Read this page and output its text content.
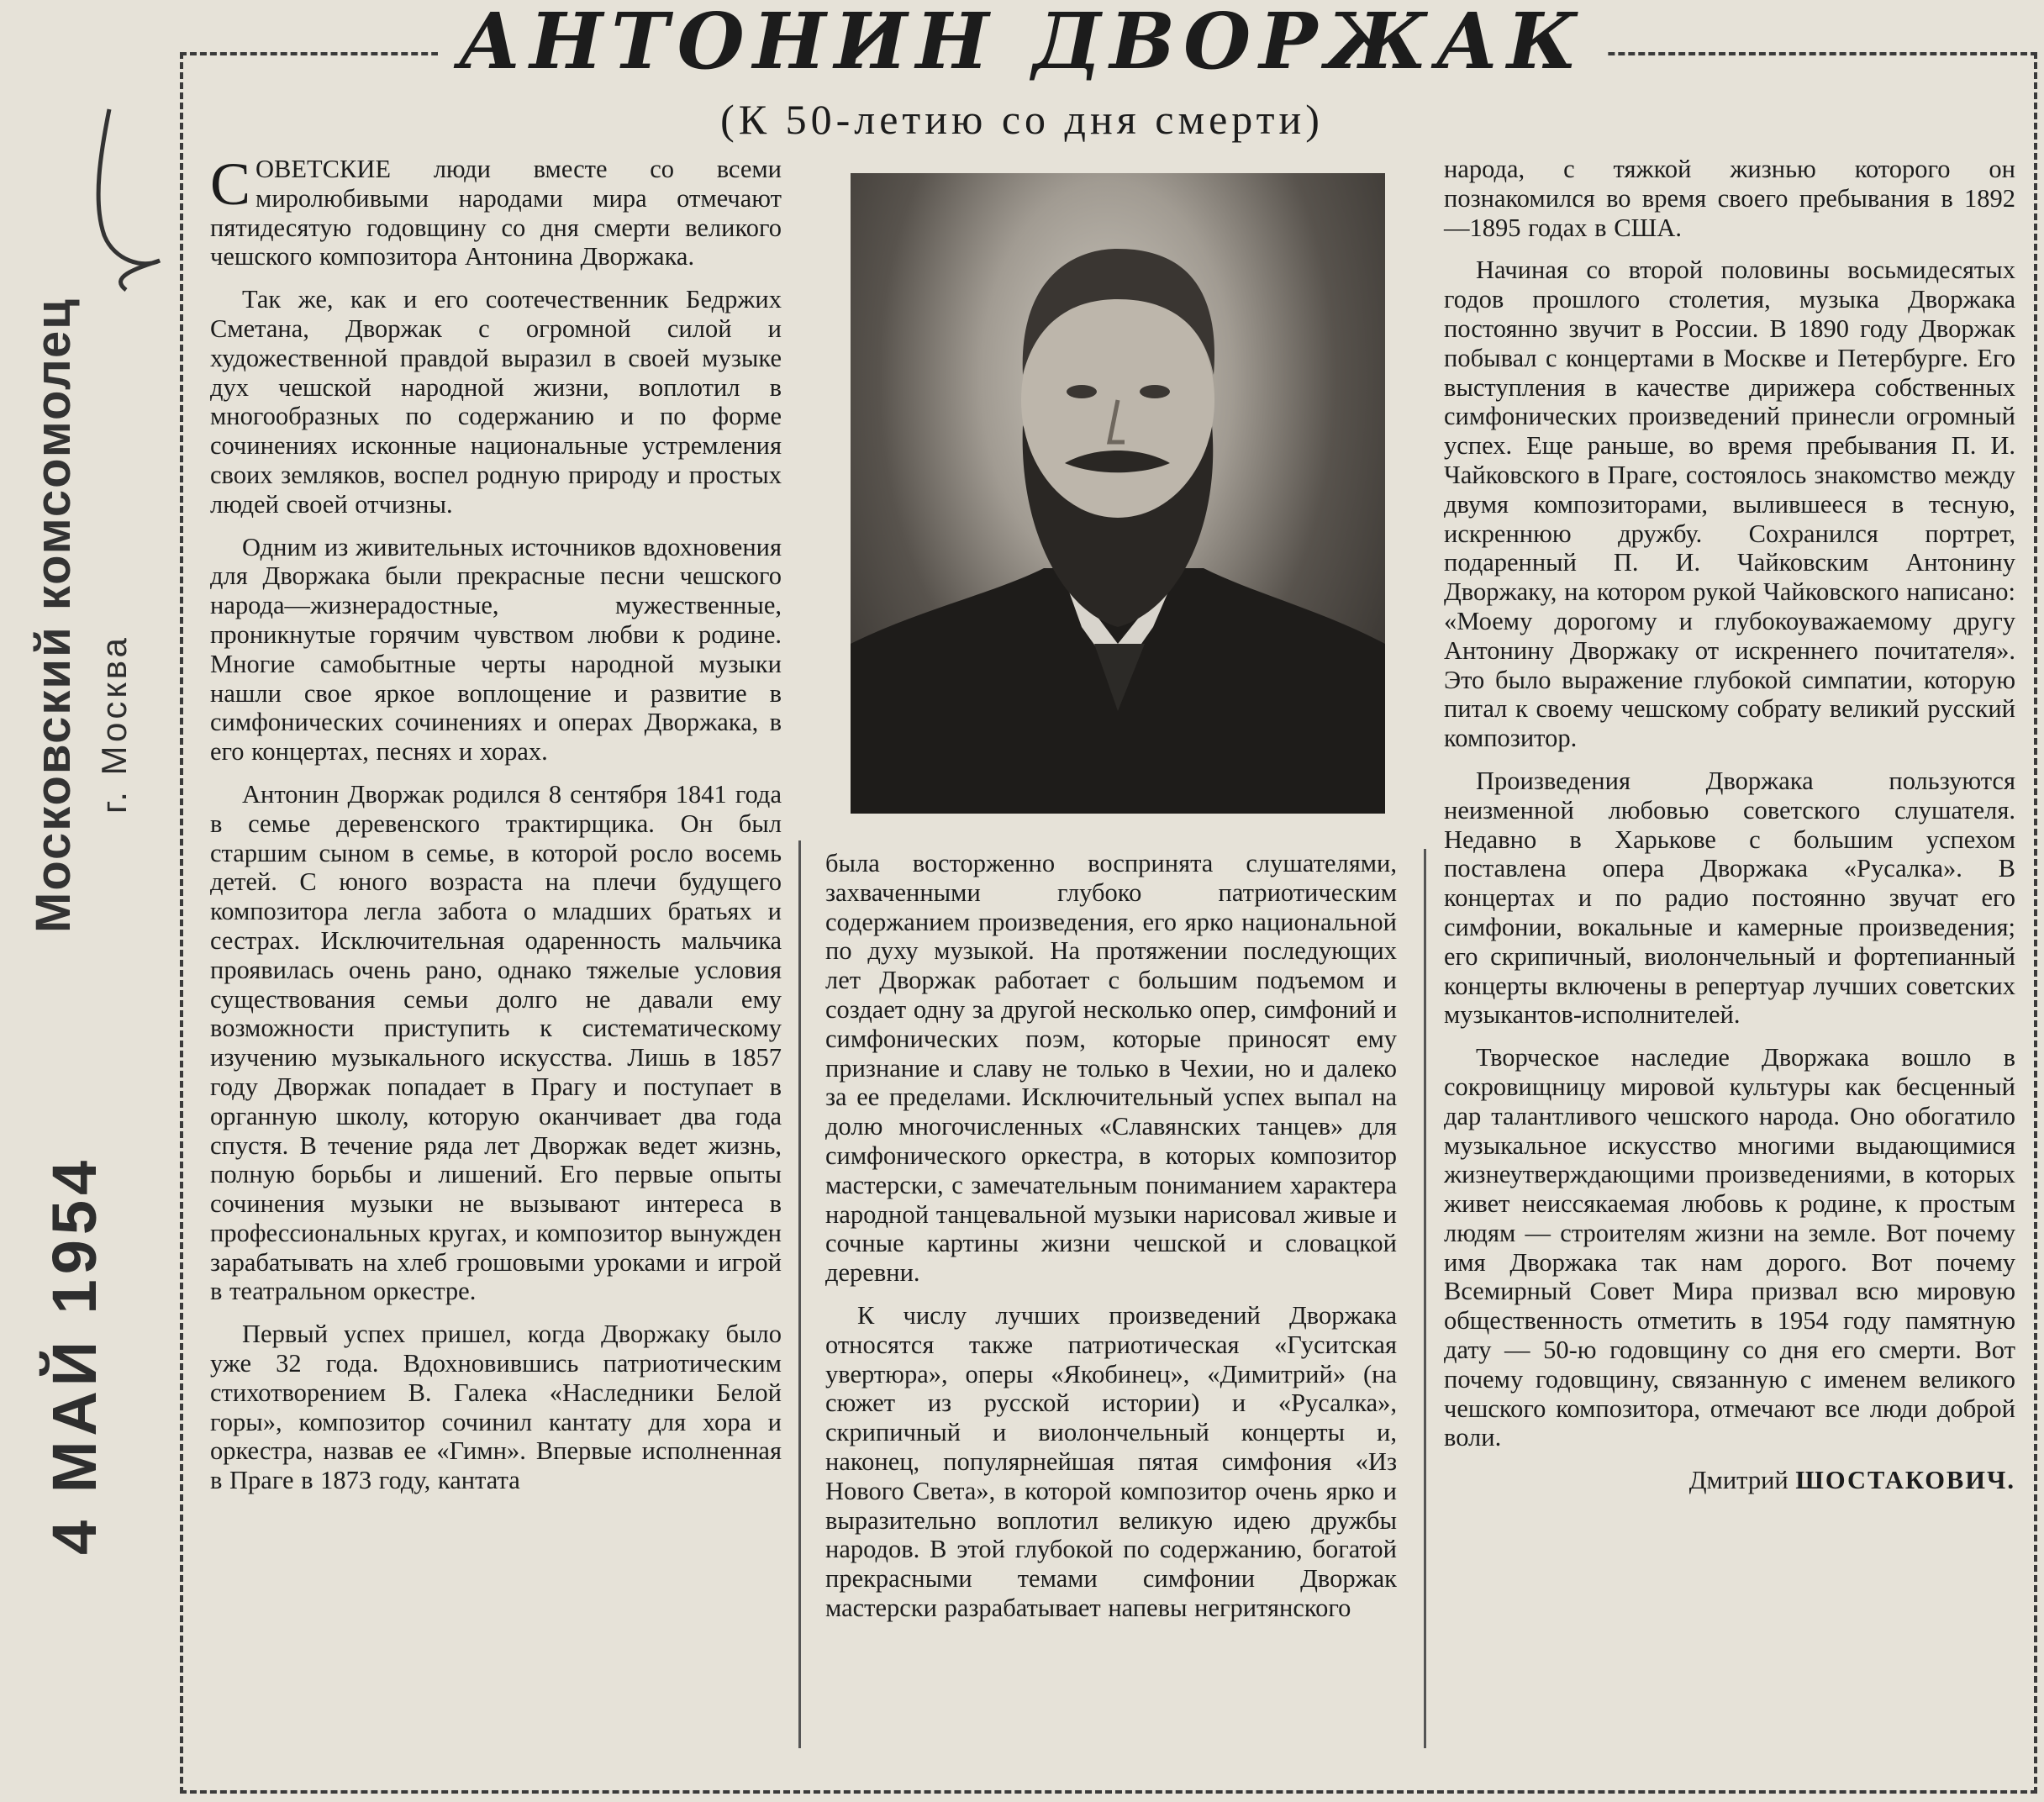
Московский комсомолец г. Москва
4 МАЙ 1954
АНТОНИН ДВОРЖАК
(К 50-летию со дня смерти)

СОВЕТСКИЕ люди вместе со всеми миролюбивыми народами мира отмечают пятидесятую годовщину со дня смерти великого чешского композитора Антонина Дворжака.

Так же, как и его соотечественник Бедржих Сметана, Дворжак с огромной силой и художественной правдой выразил в своей музыке дух чешской народной жизни, воплотил в многообразных по содержанию и по форме сочинениях исконные национальные устремления своих земляков, воспел родную природу и простых людей своей отчизны.

Одним из живительных источников вдохновения для Дворжака были прекрасные песни чешского народа—жизнерадостные, мужественные, проникнутые горячим чувством любви к родине. Многие самобытные черты народной музыки нашли свое яркое воплощение и развитие в симфонических сочинениях и операх Дворжака, в его концертах, песнях и хорах.

Антонин Дворжак родился 8 сентября 1841 года в семье деревенского трактирщика. Он был старшим сыном в семье, в которой росло восемь детей. С юного возраста на плечи будущего композитора легла забота о младших братьях и сестрах. Исключительная одаренность мальчика проявилась очень рано, однако тяжелые условия существования семьи долго не давали ему возможности приступить к систематическому изучению музыкального искусства. Лишь в 1857 году Дворжак попадает в Прагу и поступает в органную школу, которую оканчивает два года спустя. В течение ряда лет Дворжак ведет жизнь, полную борьбы и лишений. Его первые опыты сочинения музыки не вызывают интереса в профессиональных кругах, и композитор вынужден зарабатывать на хлеб грошовыми уроками и игрой в театральном оркестре.

Первый успех пришел, когда Дворжаку было уже 32 года. Вдохновившись патриотическим стихотворением В. Галека «Наследники Белой горы», композитор сочинил кантату для хора и оркестра, назвав ее «Гимн». Впервые исполненная в Праге в 1873 году, кантата

была восторженно воспринята слушателями, захваченными глубоко патриотическим содержанием произведения, его ярко национальной по духу музыкой. На протяжении последующих лет Дворжак работает с большим подъемом и создает одну за другой несколько опер, симфоний и симфонических поэм, которые приносят ему признание и славу не только в Чехии, но и далеко за ее пределами. Исключительный успех выпал на долю многочисленных «Славянских танцев» для симфонического оркестра, в которых композитор мастерски, с замечательным пониманием характера народной танцевальной музыки нарисовал живые и сочные картины жизни чешской и словацкой деревни.

К числу лучших произведений Дворжака относятся также патриотическая «Гуситская увертюра», оперы «Якобинец», «Димитрий» (на сюжет из русской истории) и «Русалка», скрипичный и виолончельный концерты и, наконец, популярнейшая пятая симфония «Из Нового Света», в которой композитор очень ярко и выразительно воплотил великую идею дружбы народов. В этой глубокой по содержанию, богатой прекрасными темами симфонии Дворжак мастерски разрабатывает напевы негритянского

народа, с тяжкой жизнью которого он познакомился во время своего пребывания в 1892—1895 годах в США.

Начиная со второй половины восьмидесятых годов прошлого столетия, музыка Дворжака постоянно звучит в России. В 1890 году Дворжак побывал с концертами в Москве и Петербурге. Его выступления в качестве дирижера собственных симфонических произведений принесли огромный успех. Еще раньше, во время пребывания П. И. Чайковского в Праге, состоялось знакомство между двумя композиторами, вылившееся в тесную, искреннюю дружбу. Сохранился портрет, подаренный П. И. Чайковским Антонину Дворжаку, на котором рукой Чайковского написано: «Моему дорогому и глубокоуважаемому другу Антонину Дворжаку от искреннего почитателя». Это было выражение глубокой симпатии, которую питал к своему чешскому собрату великий русский композитор.

Произведения Дворжака пользуются неизменной любовью советского слушателя. Недавно в Харькове с большим успехом поставлена опера Дворжака «Русалка». В концертах и по радио постоянно звучат его симфонии, вокальные и камерные произведения; его скрипичный, виолончельный и фортепианный концерты включены в репертуар лучших советских музыкантов-исполнителей.

Творческое наследие Дворжака вошло в сокровищницу мировой культуры как бесценный дар талантливого чешского народа. Оно обогатило музыкальное искусство многими выдающимися жизнеутверждающими произведениями, в которых живет неиссякаемая любовь к родине, к простым людям — строителям жизни на земле. Вот почему имя Дворжака так нам дорого. Вот почему Всемирный Совет Мира призвал всю мировую общественность отметить в 1954 году памятную дату — 50-ю годовщину со дня его смерти. Вот почему годовщину, связанную с именем великого чешского композитора, отмечают все люди доброй воли.

Дмитрий ШОСТАКОВИЧ.
